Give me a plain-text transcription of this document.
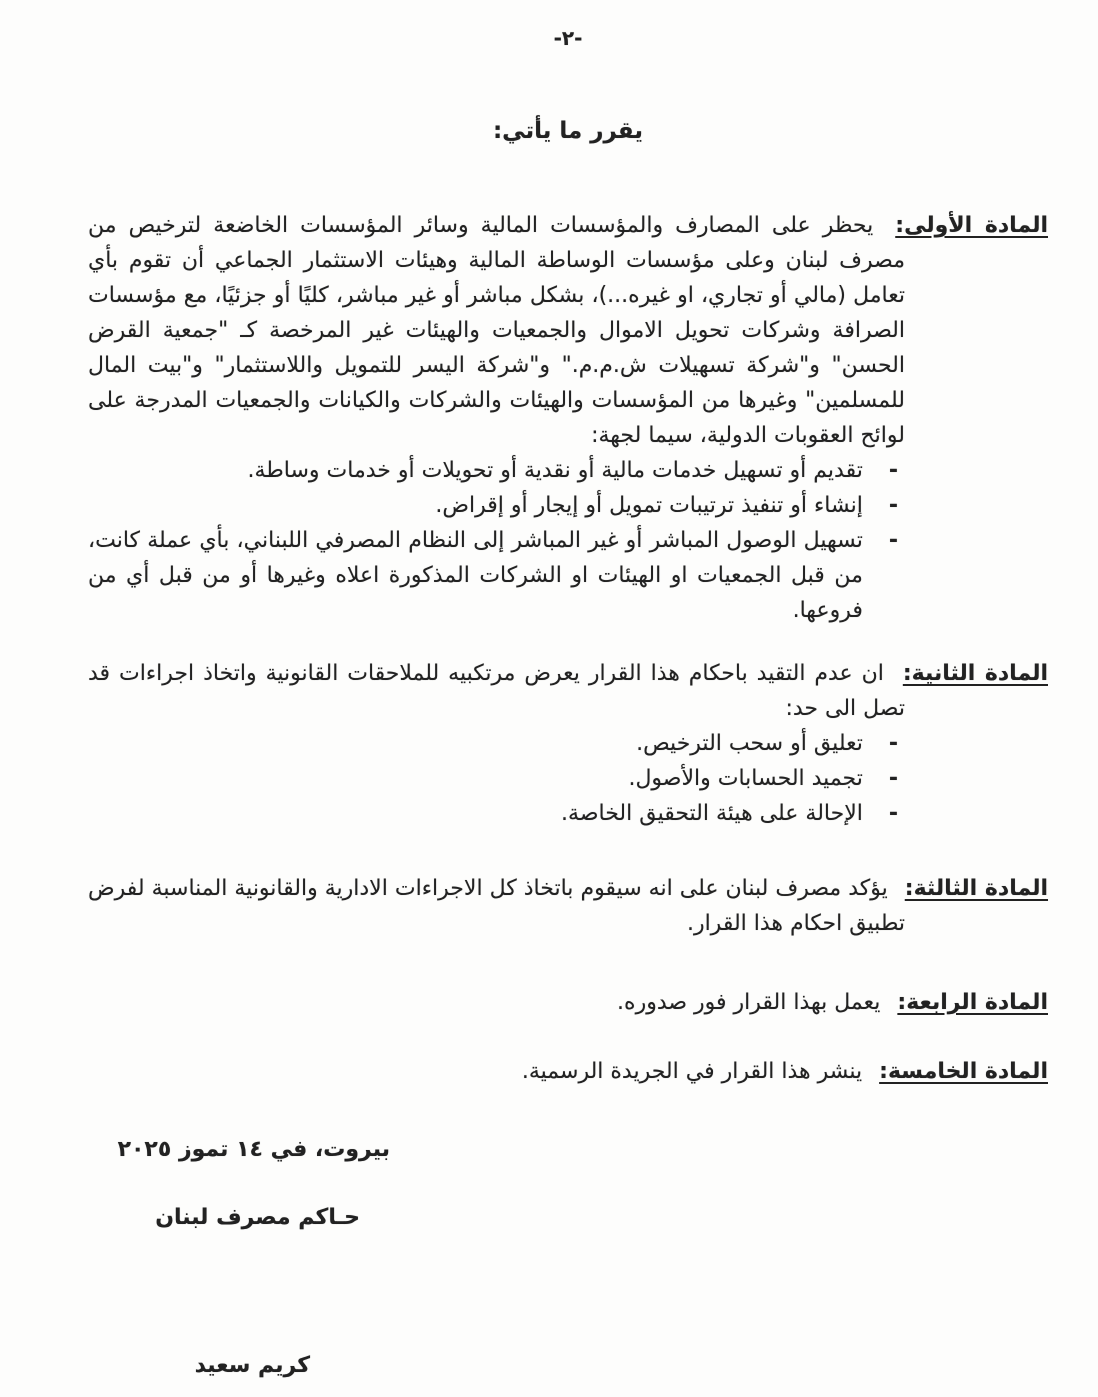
-٢-
يقرر ما يأتي:

المادة الأولى: يحظر على المصارف والمؤسسات المالية وسائر المؤسسات الخاضعة لترخيص من مصرف لبنان وعلى مؤسسات الوساطة المالية وهيئات الاستثمار الجماعي أن تقوم بأي تعامل (مالي أو تجاري، او غيره...)، بشكل مباشر أو غير مباشر، كليًا أو جزئيًا، مع مؤسسات الصرافة وشركات تحويل الاموال والجمعيات والهيئات غير المرخصة كـ "جمعية القرض الحسن" و"شركة تسهيلات ش.م.م." و"شركة اليسر للتمويل واللاستثمار" و"بيت المال للمسلمين" وغيرها من المؤسسات والهيئات والشركات والكيانات والجمعيات المدرجة على لوائح العقوبات الدولية، سيما لجهة:

-
تقديم أو تسهيل خدمات مالية أو نقدية أو تحويلات أو خدمات وساطة.
-
إنشاء أو تنفيذ ترتيبات تمويل أو إيجار أو إقراض.
-
تسهيل الوصول المباشر أو غير المباشر إلى النظام المصرفي اللبناني، بأي عملة كانت، من قبل الجمعيات او الهيئات او الشركات المذكورة اعلاه وغيرها أو من قبل أي من فروعها.

المادة الثانية: ان عدم التقيد باحكام هذا القرار يعرض مرتكبيه للملاحقات القانونية واتخاذ اجراءات قد تصل الى حد:

-
تعليق أو سحب الترخيص.
-
تجميد الحسابات والأصول.
-
الإحالة على هيئة التحقيق الخاصة.

المادة الثالثة: يؤكد مصرف لبنان على انه سيقوم باتخاذ كل الاجراءات الادارية والقانونية المناسبة لفرض تطبيق احكام هذا القرار.

المادة الرابعة: يعمل بهذا القرار فور صدوره.

المادة الخامسة: ينشر هذا القرار في الجريدة الرسمية.

بيروت، في ١٤ تموز ٢٠٢٥
حـاكم مصرف لبنان
كريم سعيد
